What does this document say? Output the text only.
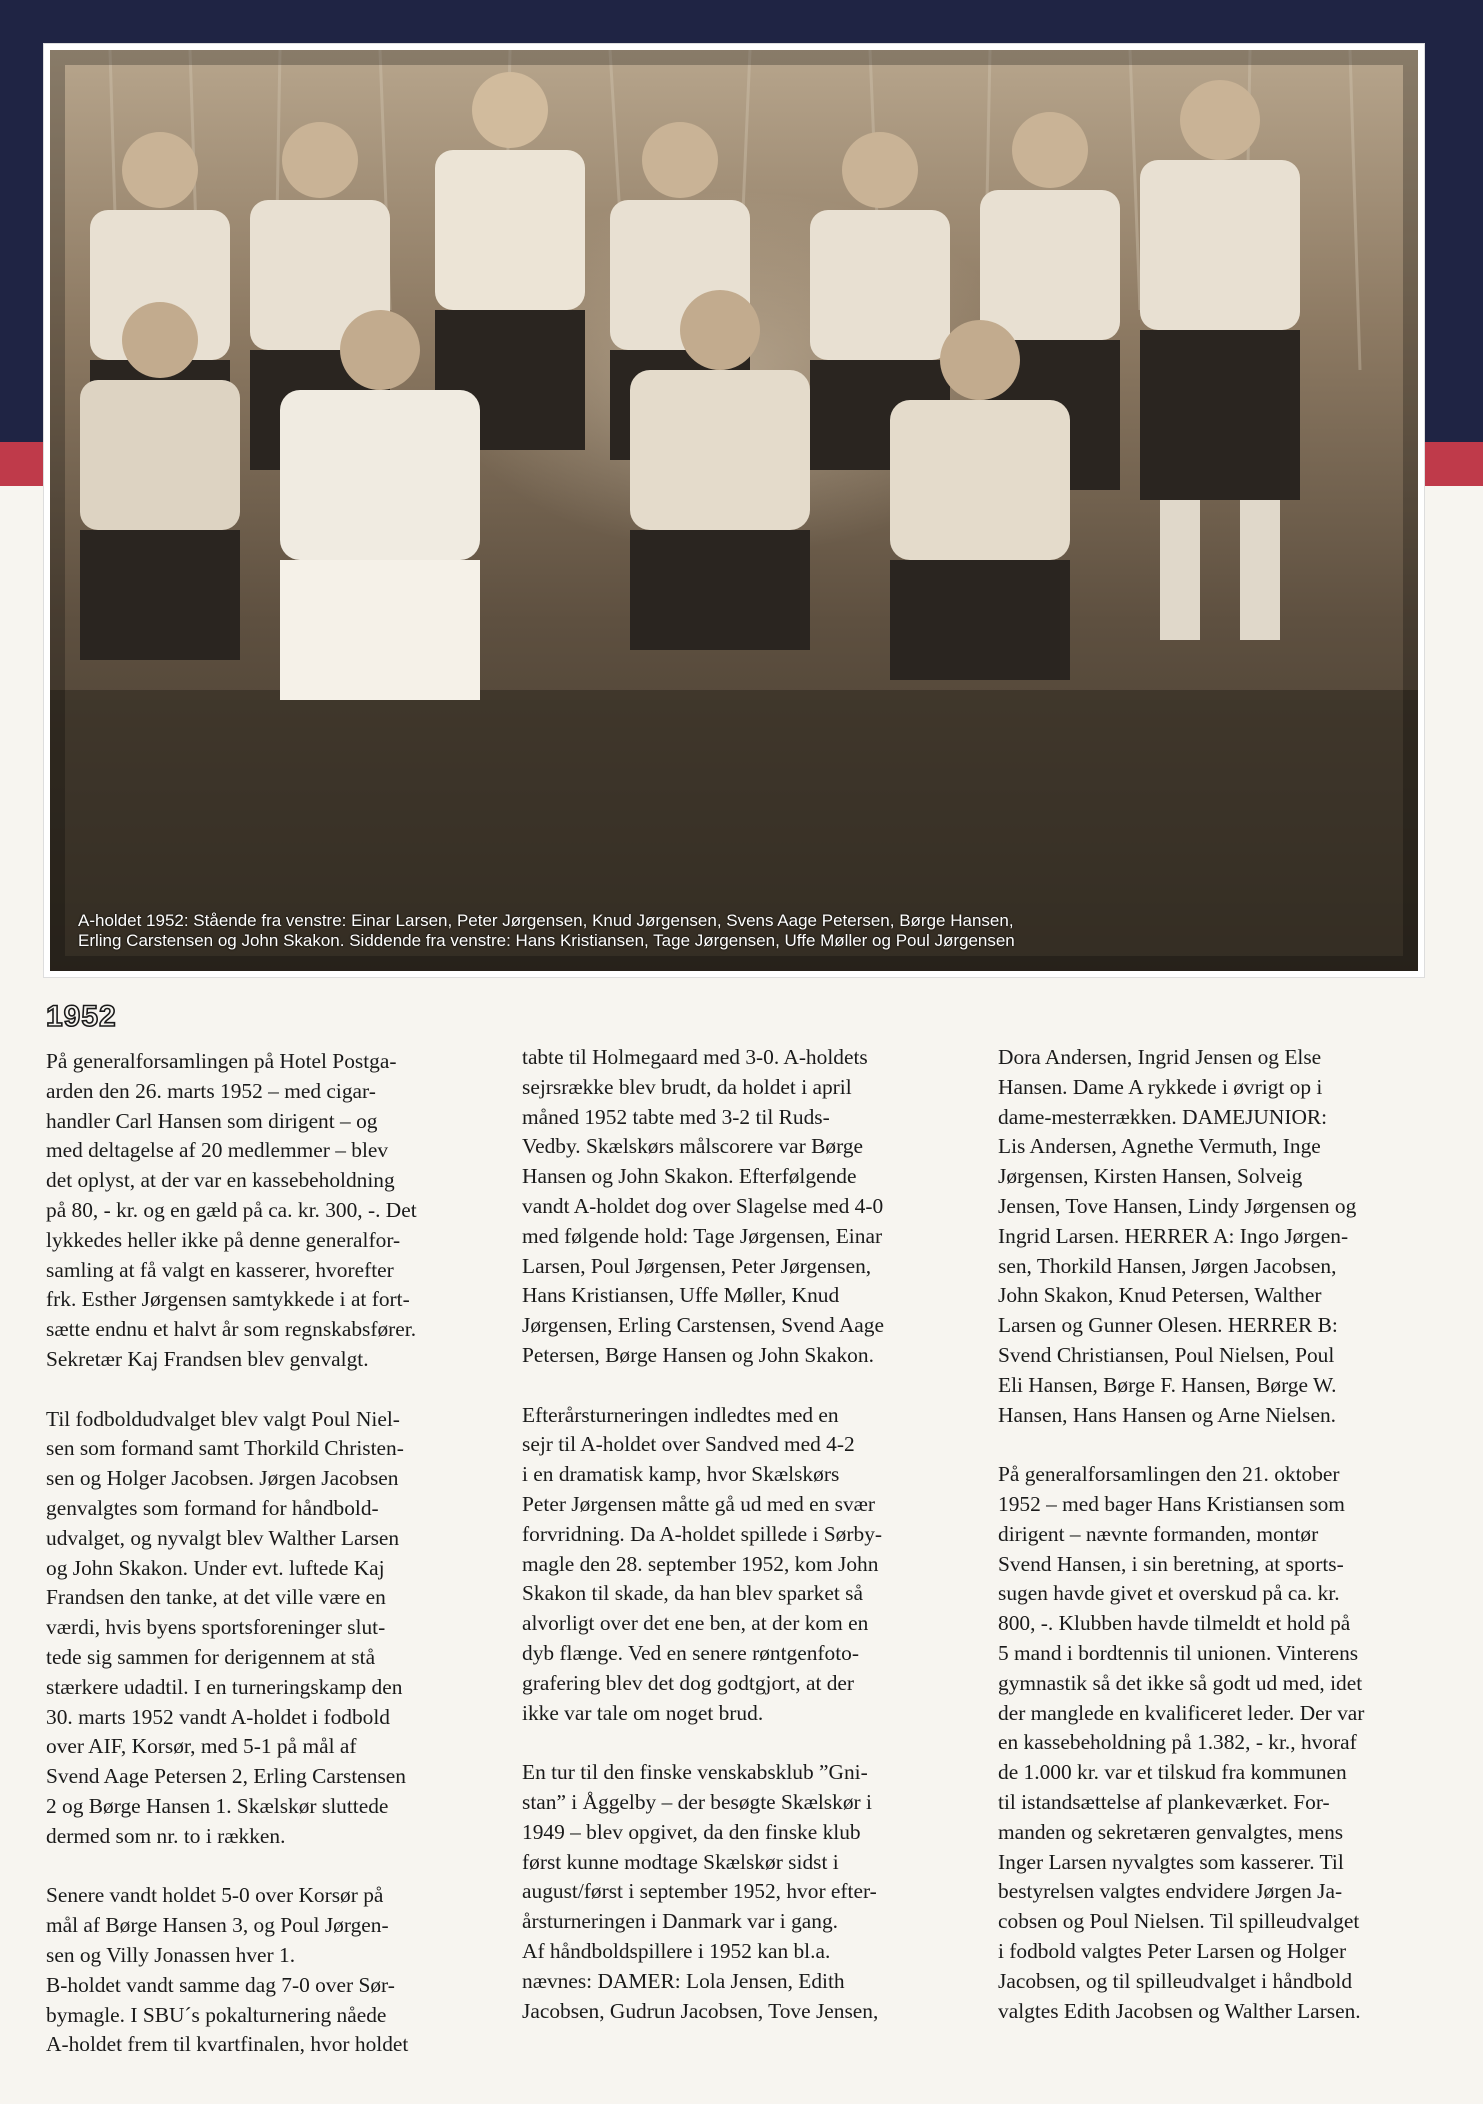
A-holdet 1952: Stående fra venstre: Einar Larsen, Peter Jørgensen, Knud Jørgensen, Svens Aage Petersen, Børge Hansen,
Erling Carstensen og John Skakon. Siddende fra venstre: Hans Kristiansen, Tage Jørgensen, Uffe Møller og Poul Jørgensen
1952

På generalforsamlingen på Hotel Postga-
arden den 26. marts 1952 – med cigar-
handler Carl Hansen som dirigent – og
med deltagelse af 20 medlemmer – blev
det oplyst, at der var en kassebeholdning
på 80, - kr. og en gæld på ca. kr. 300, -. Det
lykkedes heller ikke på denne generalfor-
samling at få valgt en kasserer, hvorefter
frk. Esther Jørgensen samtykkede i at fort-
sætte endnu et halvt år som regnskabsfører.
Sekretær Kaj Frandsen blev genvalgt.

Til fodboldudvalget blev valgt Poul Niel-
sen som formand samt Thorkild Christen-
sen og Holger Jacobsen. Jørgen Jacobsen
genvalgtes som formand for håndbold-
udvalget, og nyvalgt blev Walther Larsen
og John Skakon. Under evt. luftede Kaj
Frandsen den tanke, at det ville være en
værdi, hvis byens sportsforeninger slut-
tede sig sammen for derigennem at stå
stærkere udadtil. I en turneringskamp den
30. marts 1952 vandt A-holdet i fodbold
over AIF, Korsør, med 5-1 på mål af
Svend Aage Petersen 2, Erling Carstensen
2 og Børge Hansen 1. Skælskør sluttede
dermed som nr. to i rækken.

Senere vandt holdet 5-0 over Korsør på
mål af Børge Hansen 3, og Poul Jørgen-
sen og Villy Jonassen hver 1.
B-holdet vandt samme dag 7-0 over Sør-
bymagle. I SBU´s pokalturnering nåede
A-holdet frem til kvartfinalen, hvor holdet

tabte til Holmegaard med 3-0. A-holdets
sejrsrække blev brudt, da holdet i april
måned 1952 tabte med 3-2 til Ruds-
Vedby. Skælskørs målscorere var Børge
Hansen og John Skakon. Efterfølgende
vandt A-holdet dog over Slagelse med 4-0
med følgende hold: Tage Jørgensen, Einar
Larsen, Poul Jørgensen, Peter Jørgensen,
Hans Kristiansen, Uffe Møller, Knud
Jørgensen, Erling Carstensen, Svend Aage
Petersen, Børge Hansen og John Skakon.

Efterårsturneringen indledtes med en
sejr til A-holdet over Sandved med 4-2
i en dramatisk kamp, hvor Skælskørs
Peter Jørgensen måtte gå ud med en svær
forvridning. Da A-holdet spillede i Sørby-
magle den 28. september 1952, kom John
Skakon til skade, da han blev sparket så
alvorligt over det ene ben, at der kom en
dyb flænge. Ved en senere røntgenfoto-
grafering blev det dog godtgjort, at der
ikke var tale om noget brud.

En tur til den finske venskabsklub ”Gni-
stan” i Åggelby – der besøgte Skælskør i
1949 – blev opgivet, da den finske klub
først kunne modtage Skælskør sidst i
august/først i september 1952, hvor efter-
årsturneringen i Danmark var i gang.
Af håndboldspillere i 1952 kan bl.a.
nævnes: DAMER: Lola Jensen, Edith
Jacobsen, Gudrun Jacobsen, Tove Jensen,

Dora Andersen, Ingrid Jensen og Else
Hansen. Dame A rykkede i øvrigt op i
dame-mesterrækken. DAMEJUNIOR:
Lis Andersen, Agnethe Vermuth, Inge
Jørgensen, Kirsten Hansen, Solveig
Jensen, Tove Hansen, Lindy Jørgensen og
Ingrid Larsen. HERRER A: Ingo Jørgen-
sen, Thorkild Hansen, Jørgen Jacobsen,
John Skakon, Knud Petersen, Walther
Larsen og Gunner Olesen. HERRER B:
Svend Christiansen, Poul Nielsen, Poul
Eli Hansen, Børge F. Hansen, Børge W.
Hansen, Hans Hansen og Arne Nielsen.

På generalforsamlingen den 21. oktober
1952 – med bager Hans Kristiansen som
dirigent – nævnte formanden, montør
Svend Hansen, i sin beretning, at sports-
sugen havde givet et overskud på ca. kr.
800, -. Klubben havde tilmeldt et hold på
5 mand i bordtennis til unionen. Vinterens
gymnastik så det ikke så godt ud med, idet
der manglede en kvalificeret leder. Der var
en kassebeholdning på 1.382, - kr., hvoraf
de 1.000 kr. var et tilskud fra kommunen
til istandsættelse af plankeværket. For-
manden og sekretæren genvalgtes, mens
Inger Larsen nyvalgtes som kasserer. Til
bestyrelsen valgtes endvidere Jørgen Ja-
cobsen og Poul Nielsen. Til spilleudvalget
i fodbold valgtes Peter Larsen og Holger
Jacobsen, og til spilleudvalget i håndbold
valgtes Edith Jacobsen og Walther Larsen.
